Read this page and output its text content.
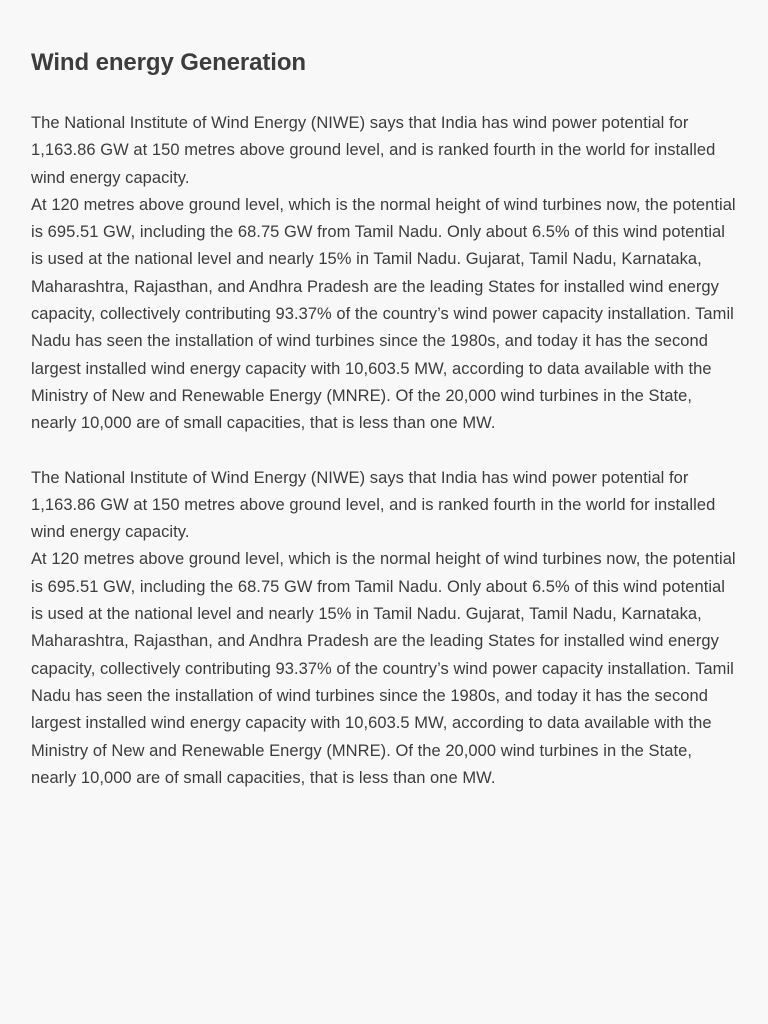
Wind energy Generation

The National Institute of Wind Energy (NIWE) says that India has wind power potential for 1,163.86 GW at 150 metres above ground level, and is ranked fourth in the world for installed wind energy capacity.

At 120 metres above ground level, which is the normal height of wind turbines now, the potential is 695.51 GW, including the 68.75 GW from Tamil Nadu. Only about 6.5% of this wind potential is used at the national level and nearly 15% in Tamil Nadu. Gujarat, Tamil Nadu, Karnataka, Maharashtra, Rajasthan, and Andhra Pradesh are the leading States for installed wind energy capacity, collectively contributing 93.37% of the country’s wind power capacity installation. Tamil Nadu has seen the installation of wind turbines since the 1980s, and today it has the second largest installed wind energy capacity with 10,603.5 MW, according to data available with the Ministry of New and Renewable Energy (MNRE). Of the 20,000 wind turbines in the State, nearly 10,000 are of small capacities, that is less than one MW.

The National Institute of Wind Energy (NIWE) says that India has wind power potential for 1,163.86 GW at 150 metres above ground level, and is ranked fourth in the world for installed wind energy capacity.

At 120 metres above ground level, which is the normal height of wind turbines now, the potential is 695.51 GW, including the 68.75 GW from Tamil Nadu. Only about 6.5% of this wind potential is used at the national level and nearly 15% in Tamil Nadu. Gujarat, Tamil Nadu, Karnataka, Maharashtra, Rajasthan, and Andhra Pradesh are the leading States for installed wind energy capacity, collectively contributing 93.37% of the country’s wind power capacity installation. Tamil Nadu has seen the installation of wind turbines since the 1980s, and today it has the second largest installed wind energy capacity with 10,603.5 MW, according to data available with the Ministry of New and Renewable Energy (MNRE). Of the 20,000 wind turbines in the State, nearly 10,000 are of small capacities, that is less than one MW.
